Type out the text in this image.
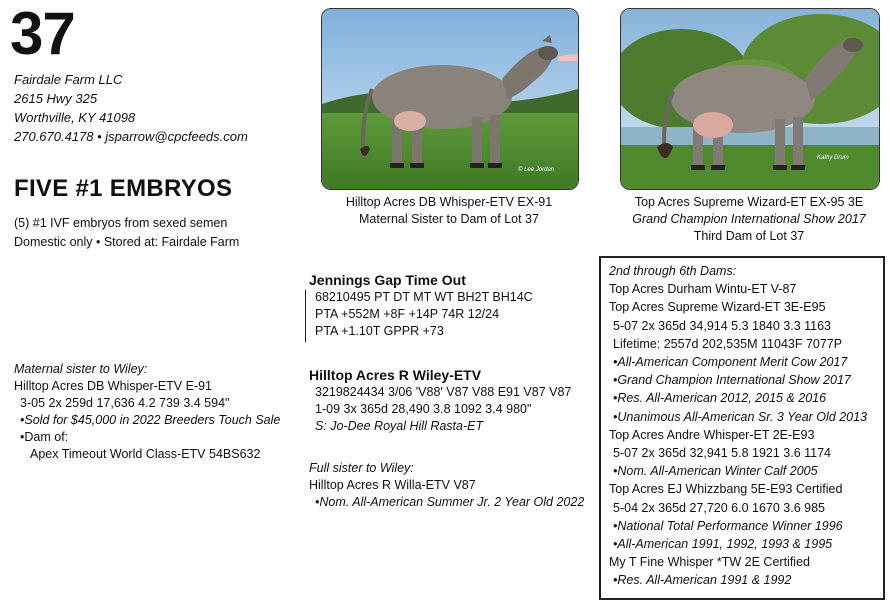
37
Fairdale Farm LLC
2615 Hwy 325
Worthville, KY 41098
270.670.4178 • jsparrow@cpcfeeds.com
FIVE #1 EMBRYOS
(5) #1 IVF embryos from sexed semen
Domestic only • Stored at: Fairdale Farm
© Lee Jordan
Hilltop Acres DB Whisper-ETV EX-91
Maternal Sister to Dam of Lot 37
Kathy Drum
Top Acres Supreme Wizard-ET EX-95 3E
Grand Champion International Show 2017
Third Dam of Lot 37
Jennings Gap Time Out
68210495 PT DT MT WT BH2T BH14C
PTA +552M +8F +14P 74R 12/24
PTA +1.10T GPPR +73
Hilltop Acres R Wiley-ETV
3219824434 3/06 'V88' V87 V88 E91 V87 V87
1-09 3x 365d 28,490 3.8 1092 3.4 980"
S: Jo-Dee Royal Hill Rasta-ET
Full sister to Wiley:
Hilltop Acres R Willa-ETV V87
•Nom. All-American Summer Jr. 2 Year Old 2022
Maternal sister to Wiley:
Hilltop Acres DB Whisper-ETV E-91
3-05 2x 259d 17,636 4.2 739 3.4 594"
•Sold for $45,000 in 2022 Breeders Touch Sale
•Dam of:
Apex Timeout World Class-ETV 54BS632
2nd through 6th Dams:
Top Acres Durham Wintu-ET V-87
Top Acres Supreme Wizard-ET 3E-E95
5-07 2x 365d 34,914 5.3 1840 3.3 1163
Lifetime: 2557d 202,535M 11043F 7077P
•All-American Component Merit Cow 2017
•Grand Champion International Show 2017
•Res. All-American 2012, 2015 & 2016
•Unanimous All-American Sr. 3 Year Old 2013
Top Acres Andre Whisper-ET 2E-E93
5-07 2x 365d 32,941 5.8 1921 3.6 1174
•Nom. All-American Winter Calf 2005
Top Acres EJ Whizzbang 5E-E93 Certified
5-04 2x 365d 27,720 6.0 1670 3.6 985
•National Total Performance Winner 1996
•All-American 1991, 1992, 1993 & 1995
My T Fine Whisper *TW 2E Certified
•Res. All-American 1991 & 1992
